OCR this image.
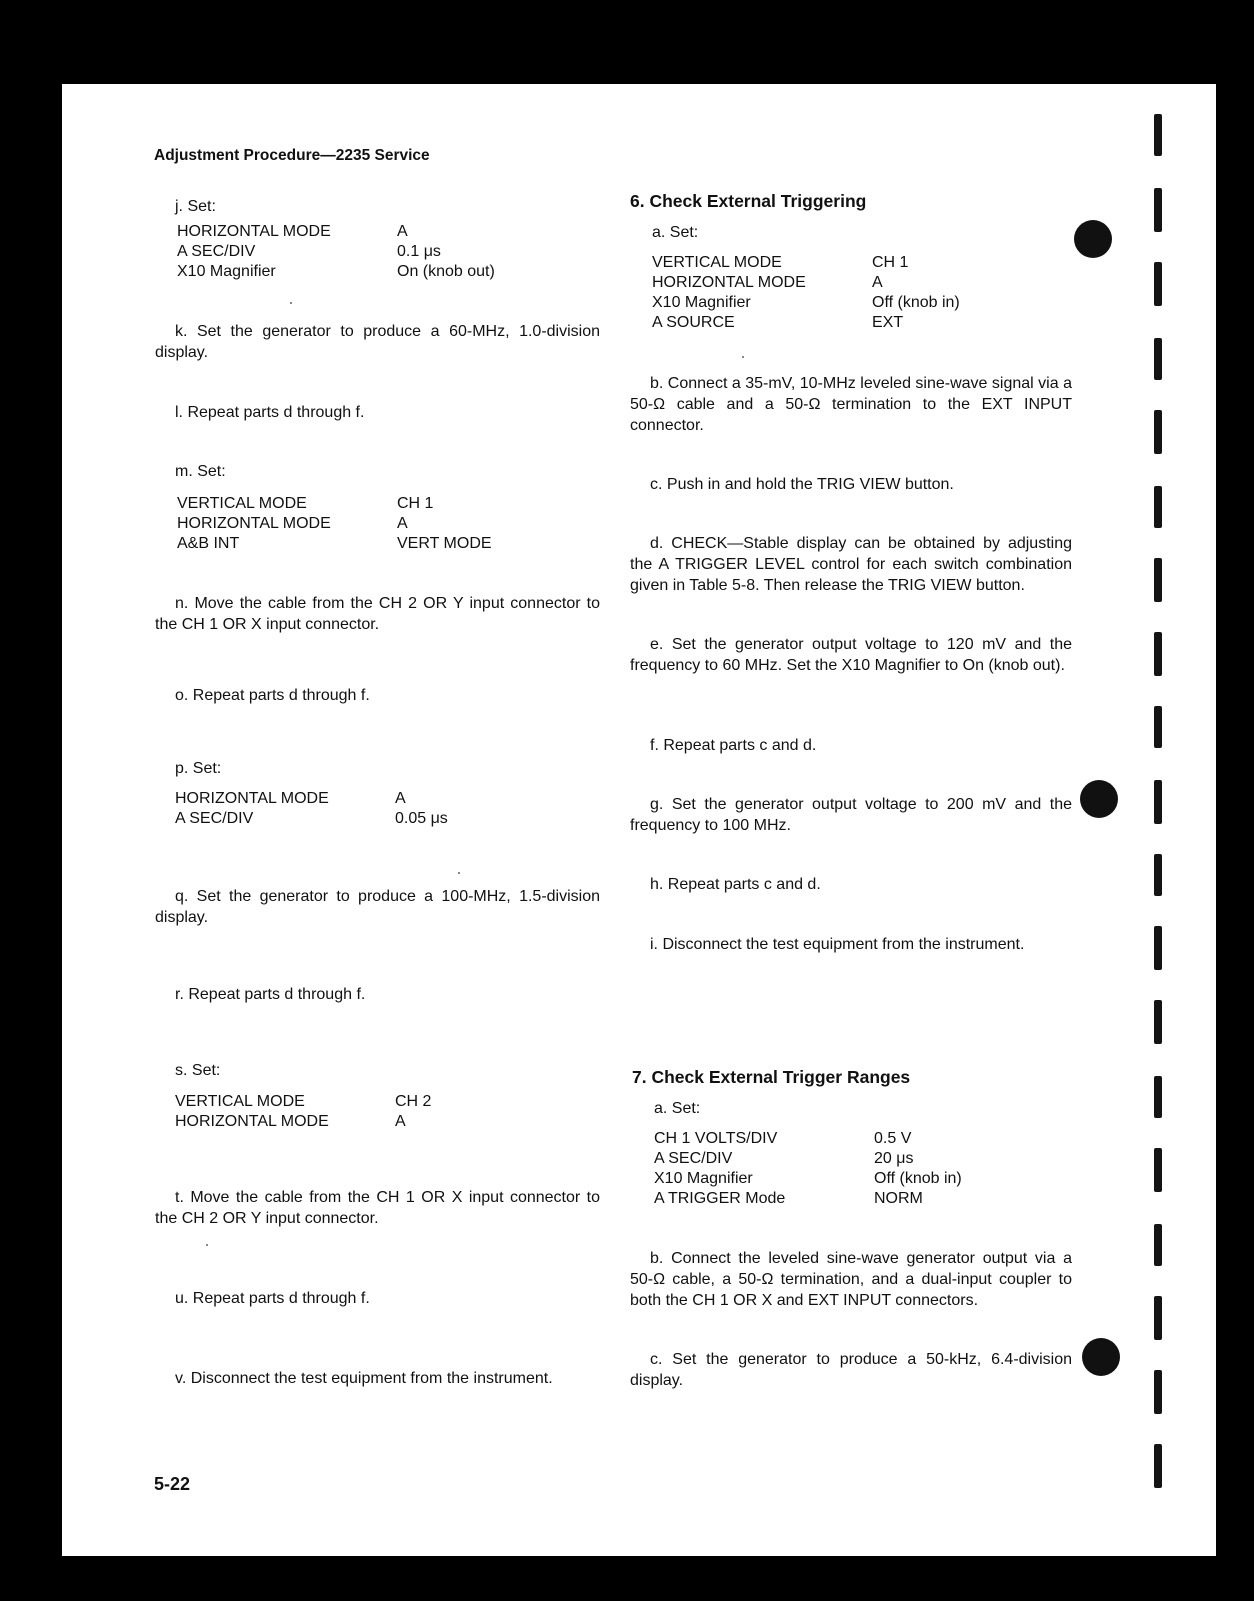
Adjustment Procedure—2235 Service
j. Set:
HORIZONTAL MODE	A
A SEC/DIV	0.1 μs
X10 Magnifier	On (knob out)

k. Set the generator to produce a 60-MHz, 1.0-division display.

l. Repeat parts d through f.

m. Set:
VERTICAL MODE	CH 1
HORIZONTAL MODE	A
A&B INT	VERT MODE

n. Move the cable from the CH 2 OR Y input connector to the CH 1 OR X input connector.

o. Repeat parts d through f.

p. Set:
HORIZONTAL MODE	A
A SEC/DIV	0.05 μs

q. Set the generator to produce a 100-MHz, 1.5-division display.

r. Repeat parts d through f.

s. Set:
VERTICAL MODE	CH 2
HORIZONTAL MODE	A

t. Move the cable from the CH 1 OR X input connector to the CH 2 OR Y input connector.

u. Repeat parts d through f.

v. Disconnect the test equipment from the instrument.

5-22
6. Check External Triggering
a. Set:
VERTICAL MODE	CH 1
HORIZONTAL MODE	A
X10 Magnifier	Off (knob in)
A SOURCE	EXT

b. Connect a 35-mV, 10-MHz leveled sine-wave signal via a 50-Ω cable and a 50-Ω termination to the EXT INPUT connector.

c. Push in and hold the TRIG VIEW button.

d. CHECK—Stable display can be obtained by adjusting the A TRIGGER LEVEL control for each switch combination given in Table 5-8. Then release the TRIG VIEW button.

e. Set the generator output voltage to 120 mV and the frequency to 60 MHz. Set the X10 Magnifier to On (knob out).

f. Repeat parts c and d.

g. Set the generator output voltage to 200 mV and the frequency to 100 MHz.

h. Repeat parts c and d.

i. Disconnect the test equipment from the instrument.

7. Check External Trigger Ranges
a. Set:
CH 1 VOLTS/DIV	0.5 V
A SEC/DIV	20 μs
X10 Magnifier	Off (knob in)
A TRIGGER Mode	NORM

b. Connect the leveled sine-wave generator output via a 50-Ω cable, a 50-Ω termination, and a dual-input coupler to both the CH 1 OR X and EXT INPUT connectors.

c. Set the generator to produce a 50-kHz, 6.4-division display.
